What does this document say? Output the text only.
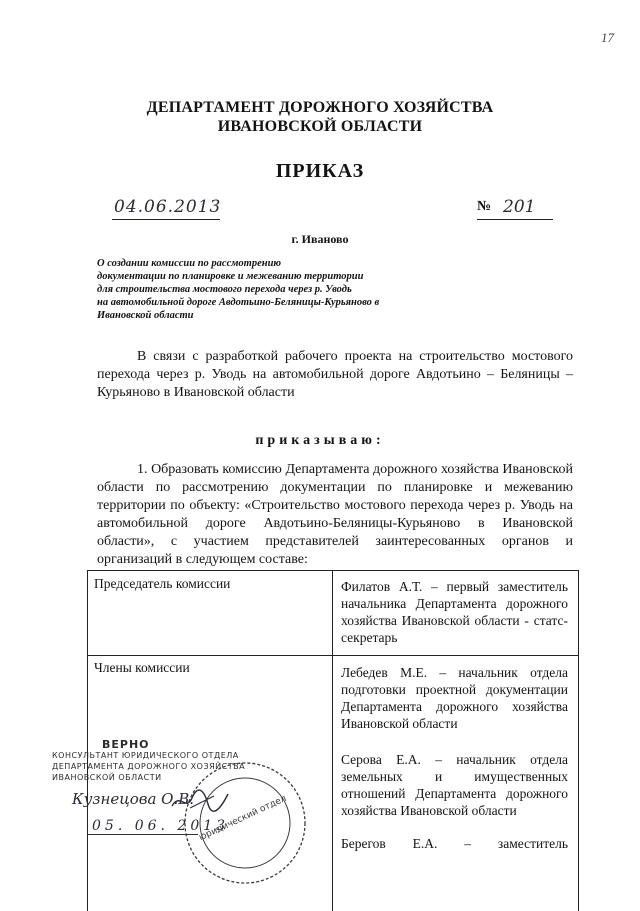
17
ДЕПАРТАМЕНТ ДОРОЖНОГО ХОЗЯЙСТВА
ИВАНОВСКОЙ ОБЛАСТИ
ПРИКАЗ
04.06.2013	№ 201
г. Иваново
О создании комиссии по рассмотрению
документации по планировке и межеванию территории
для строительства мостового перехода через р. Уводь
на автомобильной дороге Авдотьино-Беляницы-Курьяново в
Ивановской области
В связи с разработкой рабочего проекта на строительство мостового перехода через р. Уводь на автомобильной дороге Авдотьино – Беляницы – Курьяново в Ивановской области
приказываю:
1. Образовать комиссию Департамента дорожного хозяйства Ивановской области по рассмотрению документации по планировке и межеванию территории по объекту: «Строительство мостового перехода через р. Уводь на автомобильной дороге Авдотьино-Беляницы-Курьяново в Ивановской области», с участием представителей заинтересованных органов и организаций в следующем составе:
Председатель комиссии	Филатов А.Т. – первый заместитель начальника Департамента дорожного хозяйства Ивановской области - статс-секретарь
Члены комиссии	Лебедев М.Е. – начальник отдела подготовки проектной документации Департамента дорожного хозяйства Ивановской области
Серова Е.А. – начальник отдела земельных и имущественных отношений Департамента дорожного хозяйства Ивановской области
Берегов Е.А. – заместитель
ВЕРНО
КОНСУЛЬТАНТ ЮРИДИЧЕСКОГО ОТДЕЛА
ДЕПАРТАМЕНТА ДОРОЖНОГО ХОЗЯЙСТВА
ИВАНОВСКОЙ ОБЛАСТИ
Кузнецова О.В.
05. 06. 2013
юридический отдел
